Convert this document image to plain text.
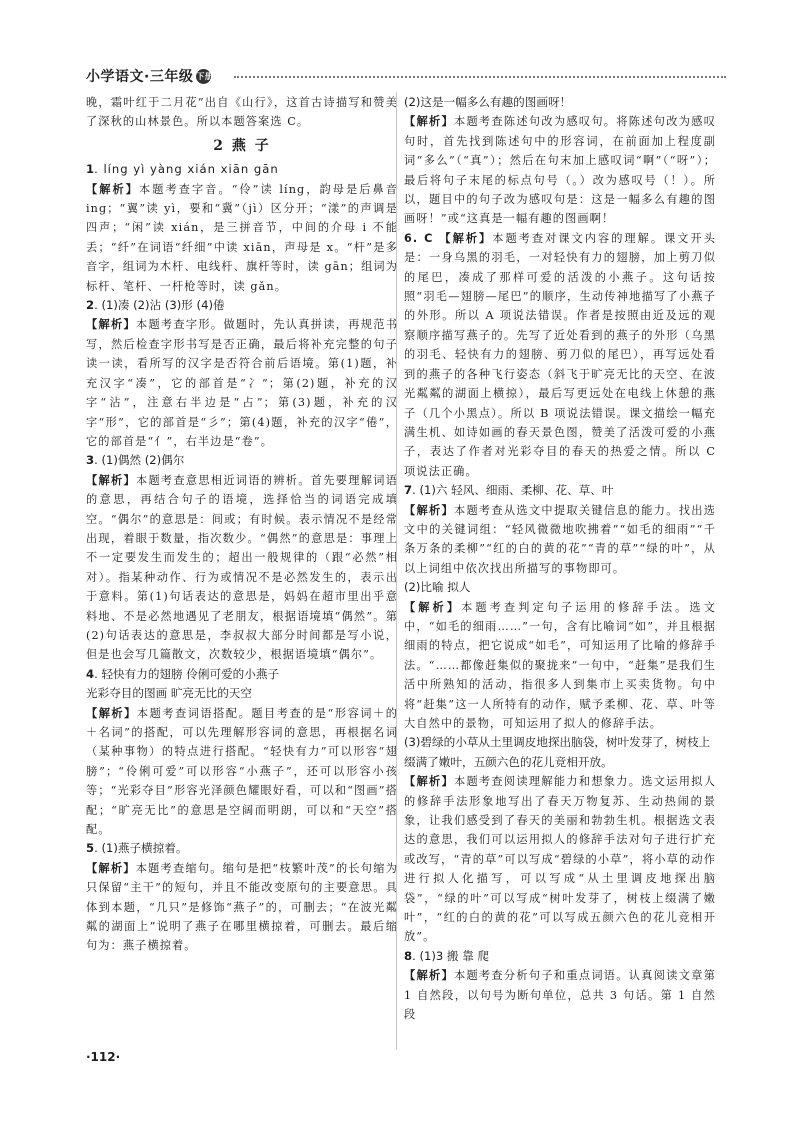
小学语文·三年级 下册
晚，霜叶红于二月花”出自《山行》，这首古诗描写和赞美了深秋的山林景色。所以本题答案选 C。
2 燕 子
1. líng yì yàng xián xiān gān
【解析】本题考查字音。“伶”读 líng，韵母是后鼻音 ing；“翼”读 yì，要和“冀”（jì）区分开；“漾”的声调是四声；“闲”读 xián，是三拼音节，中间的介母 i 不能丢；“纤”在词语“纤细”中读 xiān，声母是 x。“杆”是多音字，组词为木杆、电线杆、旗杆等时，读 gān；组词为标杆、笔杆、一杆枪等时，读 gǎn。
2. (1)凑 (2)沾 (3)形 (4)倦
【解析】本题考查字形。做题时，先认真拼读，再规范书写，然后检查字形书写是否正确，最后将补充完整的句子读一读，看所写的汉字是否符合前后语境。第(1)题，补充汉字“凑”，它的部首是“冫”；第(2)题，补充的汉字“沾”，注意右半边是“占”；第(3)题，补充的汉字“形”，它的部首是“彡”；第(4)题，补充的汉字“倦”，它的部首是“亻”，右半边是“卷”。
3. (1)偶然 (2)偶尔
【解析】本题考查意思相近词语的辨析。首先要理解词语的意思，再结合句子的语境，选择恰当的词语完成填空。“偶尔”的意思是：间或；有时候。表示情况不是经常出现，着眼于数量，指次数少。“偶然”的意思是：事理上不一定要发生而发生的；超出一般规律的（跟“必然”相对）。指某种动作、行为或情况不是必然发生的，表示出于意料。第(1)句话表达的意思是，妈妈在超市里出乎意料地、不是必然地遇见了老朋友，根据语境填“偶然”。第(2)句话表达的意思是，李叔叔大部分时间都是写小说，但是也会写几篇散文，次数较少，根据语境填“偶尔”。
4. 轻快有力的翅膀 伶俐可爱的小燕子
光彩夺目的图画 旷亮无比的天空
【解析】本题考查词语搭配。题目考查的是“形容词＋的＋名词”的搭配，可以先理解形容词的意思，再根据名词（某种事物）的特点进行搭配。“轻快有力”可以形容“翅膀”；“伶俐可爱”可以形容“小燕子”，还可以形容小孩等；“光彩夺目”形容光泽颜色耀眼好看，可以和“图画”搭配；“旷亮无比”的意思是空阔而明朗，可以和“天空”搭配。
5. (1)燕子横掠着。
【解析】本题考查缩句。缩句是把“枝繁叶茂”的长句缩为只保留“主干”的短句，并且不能改变原句的主要意思。具体到本题，“几只”是修饰“燕子”的，可删去；“在波光粼粼的湖面上”说明了燕子在哪里横掠着，可删去。最后缩句为：燕子横掠着。
(2)这是一幅多么有趣的图画呀！
【解析】本题考查陈述句改为感叹句。将陈述句改为感叹句时，首先找到陈述句中的形容词，在前面加上程度副词“多么”（“真”）；然后在句末加上感叹词“啊”（“呀”）；最后将句子末尾的标点句号（。）改为感叹号（！）。所以，题目中的句子改为感叹句是：这是一幅多么有趣的图画呀！”或“这真是一幅有趣的图画啊！
6. C 【解析】本题考查对课文内容的理解。课文开头是：一身乌黑的羽毛，一对轻快有力的翅膀，加上剪刀似的尾巴，凑成了那样可爱的活泼的小燕子。这句话按照“羽毛—翅膀—尾巴”的顺序，生动传神地描写了小燕子的外形。所以 A 项说法错误。作者是按照由近及远的观察顺序描写燕子的。先写了近处看到的燕子的外形（乌黑的羽毛、轻快有力的翅膀、剪刀似的尾巴），再写远处看到的燕子的各种飞行姿态（斜飞于旷亮无比的天空、在波光粼粼的湖面上横掠），最后写更远处在电线上休憩的燕子（几个小黑点）。所以 B 项说法错误。课文描绘一幅充满生机、如诗如画的春天景色图，赞美了活泼可爱的小燕子，表达了作者对光彩夺目的春天的热爱之情。所以 C 项说法正确。
7. (1)六 轻风、细雨、柔柳、花、草、叶
【解析】本题考查从选文中提取关键信息的能力。找出选文中的关键词组：“轻风微微地吹拂着”“如毛的细雨”“千条万条的柔柳”“红的白的黄的花”“青的草”“绿的叶”，从以上词组中依次找出所描写的事物即可。
(2)比喻 拟人
【解析】本题考查判定句子运用的修辞手法。选文中，“如毛的细雨……”一句，含有比喻词“如”，并且根据细雨的特点，把它说成“如毛”，可知运用了比喻的修辞手法。“……都像赶集似的聚拢来”一句中，“赶集”是我们生活中所熟知的活动，指很多人到集市上买卖货物。句中将“赶集”这一人所特有的动作，赋予柔柳、花、草、叶等大自然中的景物，可知运用了拟人的修辞手法。
(3)碧绿的小草从土里调皮地探出脑袋，树叶发芽了，树枝上缀满了嫩叶，五颜六色的花儿竞相开放。
【解析】本题考查阅读理解能力和想象力。选文运用拟人的修辞手法形象地写出了春天万物复苏、生动热闹的景象，让我们感受到了春天的美丽和勃勃生机。根据选文表达的意思，我们可以运用拟人的修辞手法对句子进行扩充或改写，“青的草”可以写成“碧绿的小草”，将小草的动作进行拟人化描写，可以写成“从土里调皮地探出脑袋”，“绿的叶”可以写成“树叶发芽了，树枝上缀满了嫩叶”，“红的白的黄的花”可以写成五颜六色的花儿竞相开放”。
8. (1)3 搬 靠 爬
【解析】本题考查分析句子和重点词语。认真阅读文章第 1 自然段，以句号为断句单位，总共 3 句话。第 1 自然段
·112·
